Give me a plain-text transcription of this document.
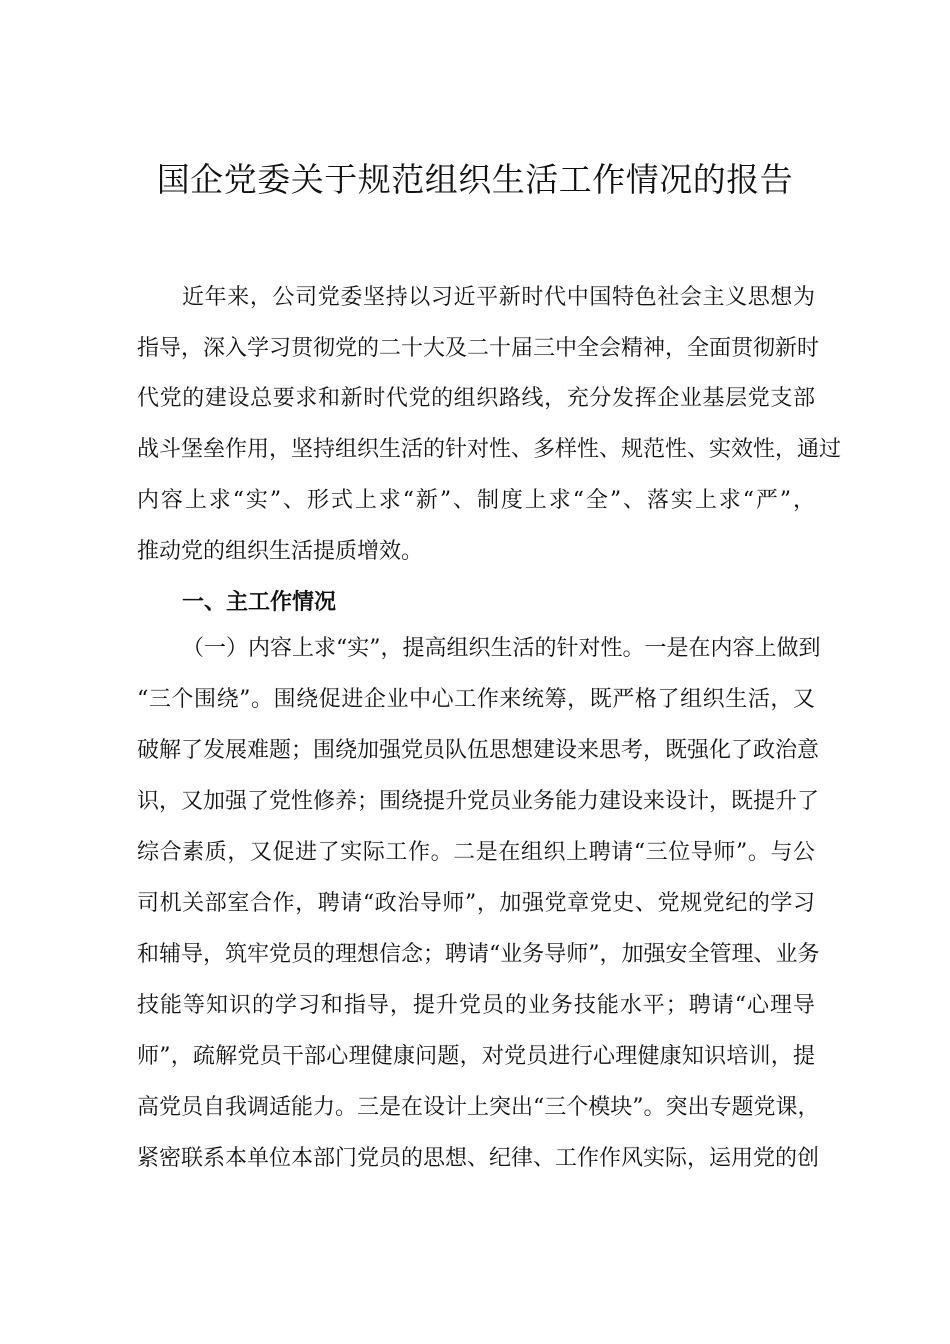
国企党委关于规范组织生活工作情况的报告
近年来，公司党委坚持以习近平新时代中国特色社会主义思想为
指导，深入学习贯彻党的二十大及二十届三中全会精神，全面贯彻新时
代党的建设总要求和新时代党的组织路线，充分发挥企业基层党支部
战斗堡垒作用，坚持组织生活的针对性、多样性、规范性、实效性，通过
内容上求“实”、形式上求“新”、制度上求“全”、落实上求“严”，
推动党的组织生活提质增效。
一、主工作情况
（一）内容上求“实”，提高组织生活的针对性。一是在内容上做到
“三个围绕”。围绕促进企业中心工作来统筹，既严格了组织生活，又
破解了发展难题；围绕加强党员队伍思想建设来思考，既强化了政治意
识，又加强了党性修养；围绕提升党员业务能力建设来设计，既提升了
综合素质，又促进了实际工作。二是在组织上聘请“三位导师”。与公
司机关部室合作，聘请“政治导师”，加强党章党史、党规党纪的学习
和辅导，筑牢党员的理想信念；聘请“业务导师”，加强安全管理、业务
技能等知识的学习和指导，提升党员的业务技能水平；聘请“心理导
师”，疏解党员干部心理健康问题，对党员进行心理健康知识培训，提
高党员自我调适能力。三是在设计上突出“三个模块”。突出专题党课，
紧密联系本单位本部门党员的思想、纪律、工作作风实际，运用党的创
